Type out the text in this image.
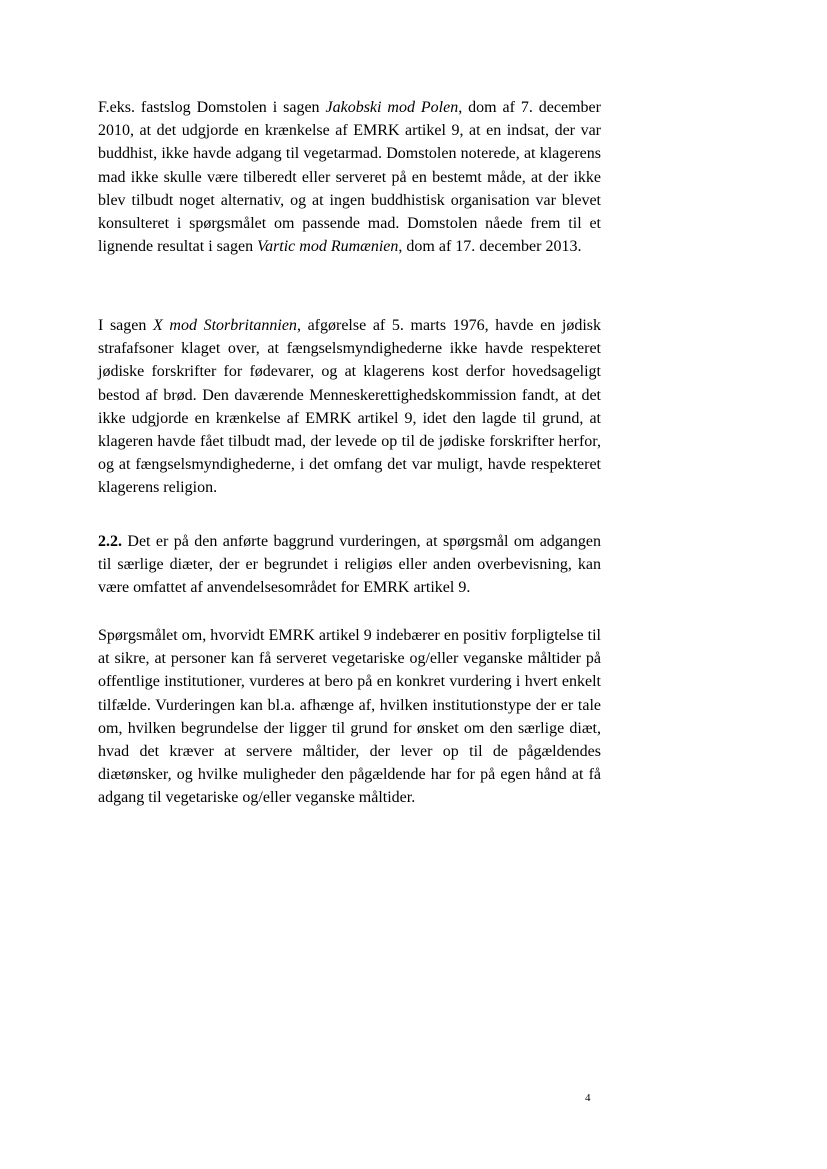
F.eks. fastslog Domstolen i sagen Jakobski mod Polen, dom af 7. december 2010, at det udgjorde en krænkelse af EMRK artikel 9, at en indsat, der var buddhist, ikke havde adgang til vegetarmad. Domstolen noterede, at klagerens mad ikke skulle være tilberedt eller serveret på en bestemt måde, at der ikke blev tilbudt noget alternativ, og at ingen buddhistisk organisation var blevet konsulteret i spørgsmålet om passende mad. Domstolen nåede frem til et lignende resultat i sagen Vartic mod Rumænien, dom af 17. december 2013.

I sagen X mod Storbritannien, afgørelse af 5. marts 1976, havde en jødisk strafafsoner klaget over, at fængselsmyndighederne ikke havde respekteret jødiske forskrifter for fødevarer, og at klagerens kost derfor hovedsageligt bestod af brød. Den daværende Menneskerettighedskommission fandt, at det ikke udgjorde en krænkelse af EMRK artikel 9, idet den lagde til grund, at klageren havde fået tilbudt mad, der levede op til de jødiske forskrifter herfor, og at fængselsmyndighederne, i det omfang det var muligt, havde respekteret klagerens religion.

2.2. Det er på den anførte baggrund vurderingen, at spørgsmål om adgangen til særlige diæter, der er begrundet i religiøs eller anden overbevisning, kan være omfattet af anvendelsesområdet for EMRK artikel 9.

Spørgsmålet om, hvorvidt EMRK artikel 9 indebærer en positiv forpligtelse til at sikre, at personer kan få serveret vegetariske og/eller veganske måltider på offentlige institutioner, vurderes at bero på en konkret vurdering i hvert enkelt tilfælde. Vurderingen kan bl.a. afhænge af, hvilken institutionstype der er tale om, hvilken begrundelse der ligger til grund for ønsket om den særlige diæt, hvad det kræver at servere måltider, der lever op til de pågældendes diætønsker, og hvilke muligheder den pågældende har for på egen hånd at få adgang til vegetariske og/eller veganske måltider.

4
